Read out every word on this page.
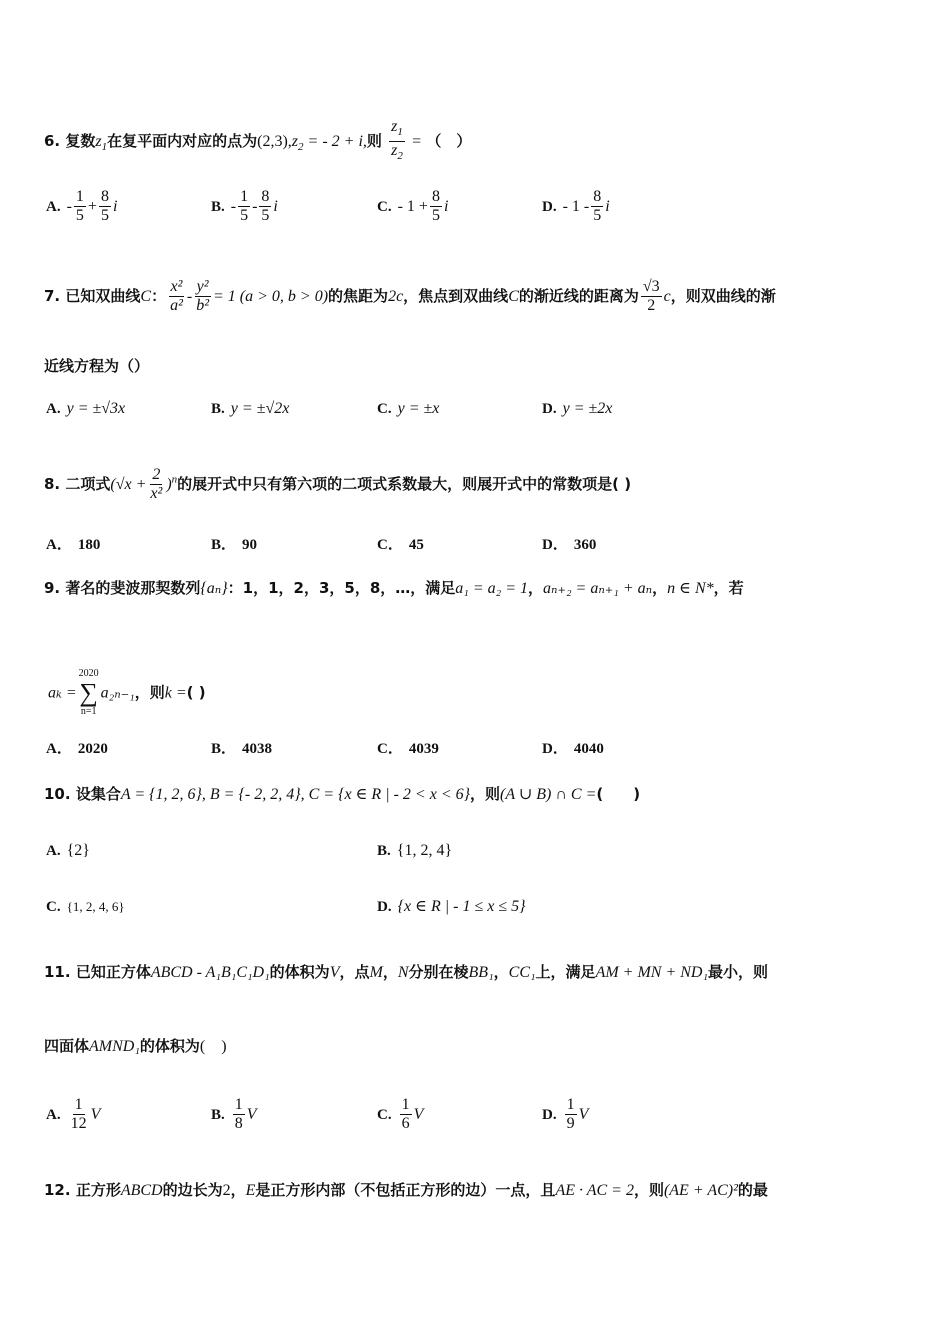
6. 复数$z_1$在复平面内对应的点为$(2,3),z_2$ = - 2 + i,则 $\frac{z_1}{z_2}$ = （　）
A. - $\frac{1}{5} + \frac{8}{5}$ i	B. - $\frac{1}{5} - \frac{8}{5}$ i	C. - $1 + \frac{8}{5}$ i	D. - $1 - \frac{8}{5}$ i
7. 已知双曲线C： $\frac{\text{x²}}{\text{a²}} - \frac{\text{y²}}{\text{b²}} = 1$ (a > 0, b > 0)的焦距为2c，焦点到双曲线C的渐近线的距离为 $\frac{√3}{2}$ c，则双曲线的渐
近线方程为（）
A. y = ±√3x	B. y = ±√2x	C. y = ±x	D. y = ±2x
8. 二项式$(√x + \frac{2}{\text{x²}} )^n$的展开式中只有第六项的二项式系数最大，则展开式中的常数项是( )
A． 180	B． 90	C． 45	D． 360
9. 著名的斐波那契数列{aₙ}：1，1，2，3，5，8，…，满足a₁ = a₂ = 1，aₙ₊₂ = aₙ₊₁ + aₙ，n ∈ N*，若
aₖ =
2020
∑
n=1
a₂ₙ₋₁，则k =( )
A． 2020	B． 4038	C． 4039	D． 4040
10. 设集合A = {1, 2, 6}, B = {- 2, 2, 4}, C = {x ∈ R | - 2 < x < 6}，则(A ∪ B) ∩ C =(　　)
A. {2}	B. {1, 2, 4}
C. {1, 2, 4, 6}	D. {x ∈ R | - 1 ≤ x ≤ 5}
11. 已知正方体ABCD - A₁B₁C₁D₁的体积为V，点M，N分别在棱BB₁，CC₁上，满足AM + MN + ND₁最小，则
四面体AMND₁的体积为(　)
A. $\frac{1}{12}$ V	B. $\frac{1}{8}$ V	C. $\frac{1}{6}$ V	D. $\frac{1}{9}$ V
12. 正方形ABCD的边长为2，E是正方形内部（不包括正方形的边）一点，且AE · AC = 2，则(AE + AC)²的最
